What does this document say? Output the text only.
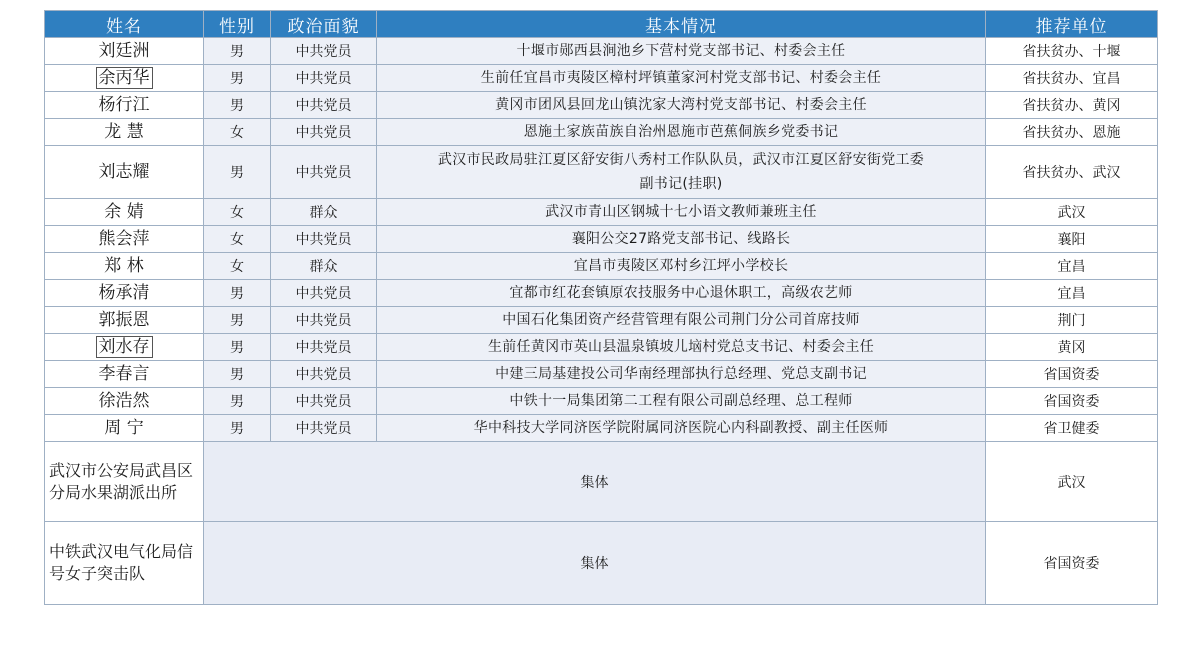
姓名	性别	政治面貌	基本情况	推荐单位
刘廷洲	男	中共党员	十堰市郧西县涧池乡下营村党支部书记、村委会主任	省扶贫办、十堰
余丙华	男	中共党员	生前任宜昌市夷陵区樟村坪镇董家河村党支部书记、村委会主任	省扶贫办、宜昌
杨行江	男	中共党员	黄冈市团风县回龙山镇沈家大湾村党支部书记、村委会主任	省扶贫办、黄冈
龙 慧	女	中共党员	恩施土家族苗族自治州恩施市芭蕉侗族乡党委书记	省扶贫办、恩施
刘志耀	男	中共党员	武汉市民政局驻江夏区舒安街八秀村工作队队员，武汉市江夏区舒安街党工委副书记(挂职)	省扶贫办、武汉
余 婧	女	群众	武汉市青山区钢城十七小语文教师兼班主任	武汉
熊会萍	女	中共党员	襄阳公交27路党支部书记、线路长	襄阳
郑 林	女	群众	宜昌市夷陵区邓村乡江坪小学校长	宜昌
杨承清	男	中共党员	宜都市红花套镇原农技服务中心退休职工，高级农艺师	宜昌
郭振恩	男	中共党员	中国石化集团资产经营管理有限公司荆门分公司首席技师	荆门
刘水存	男	中共党员	生前任黄冈市英山县温泉镇坡儿垴村党总支书记、村委会主任	黄冈
李春言	男	中共党员	中建三局基建投公司华南经理部执行总经理、党总支副书记	省国资委
徐浩然	男	中共党员	中铁十一局集团第二工程有限公司副总经理、总工程师	省国资委
周 宁	男	中共党员	华中科技大学同济医学院附属同济医院心内科副教授、副主任医师	省卫健委
武汉市公安局武昌区分局水果湖派出所	集体			武汉
中铁武汉电气化局信号女子突击队	集体			省国资委
